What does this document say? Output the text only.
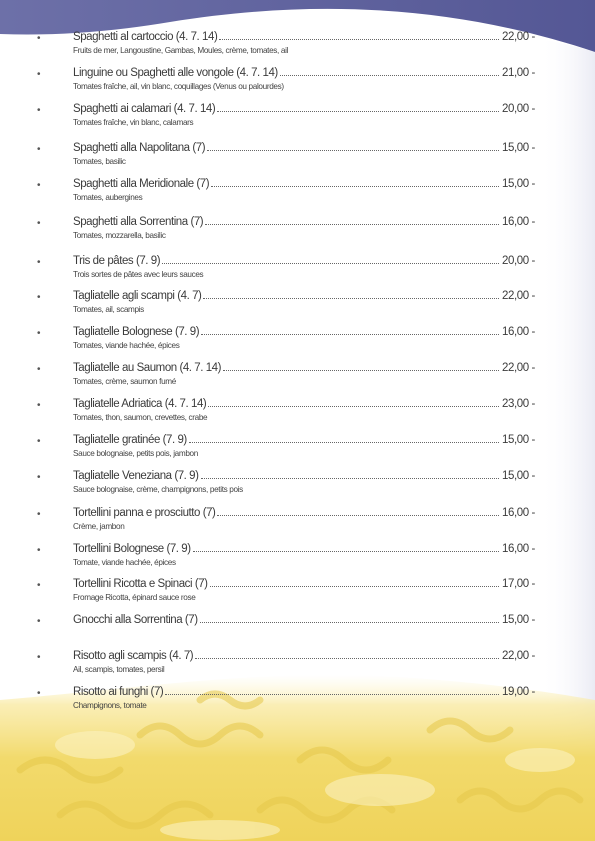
•	Spaghetti al cartoccio (4. 7. 14)	22,00 -
Fruits de mer, Langoustine, Gambas, Moules, crème, tomates, ail
•	Linguine ou Spaghetti alle vongole (4. 7. 14)	21,00 -
Tomates fraîche, ail, vin blanc, coquillages (Venus ou palourdes)
•	Spaghetti ai calamari (4. 7. 14)	20,00 -
Tomates fraîche, vin blanc, calamars
•	Spaghetti alla Napolitana (7)	15,00 -
Tomates, basilic
•	Spaghetti alla Meridionale (7)	15,00 -
Tomates, aubergines
•	Spaghetti alla Sorrentina (7)	16,00 -
Tomates, mozzarella, basilic
•	Tris de pâtes (7. 9)	20,00 -
Trois sortes de pâtes avec leurs sauces
•	Tagliatelle agli scampi (4. 7)	22,00 -
Tomates, ail, scampis
•	Tagliatelle Bolognese (7. 9)	16,00 -
Tomates, viande hachée, épices
•	Tagliatelle au Saumon (4. 7. 14)	22,00 -
Tomates, crème, saumon fumé
•	Tagliatelle Adriatica (4. 7. 14)	23,00 -
Tomates, thon, saumon, crevettes, crabe
•	Tagliatelle gratinée (7. 9)	15,00 -
Sauce bolognaise, petits pois, jambon
•	Tagliatelle Veneziana (7. 9)	15,00 -
Sauce bolognaise, crème, champignons, petits pois
•	Tortellini panna e prosciutto (7)	16,00 -
Crème, jambon
•	Tortellini Bolognese (7. 9)	16,00 -
Tomate, viande hachée, épices
•	Tortellini Ricotta e Spinaci (7)	17,00 -
Fromage Ricotta, épinard sauce rose
•	Gnocchi alla Sorrentina (7)	15,00 -
•	Risotto agli scampis (4. 7)	22,00 -
Ail, scampis, tomates, persil
•	Risotto ai funghi (7)	19,00 -
Champignons, tomate
